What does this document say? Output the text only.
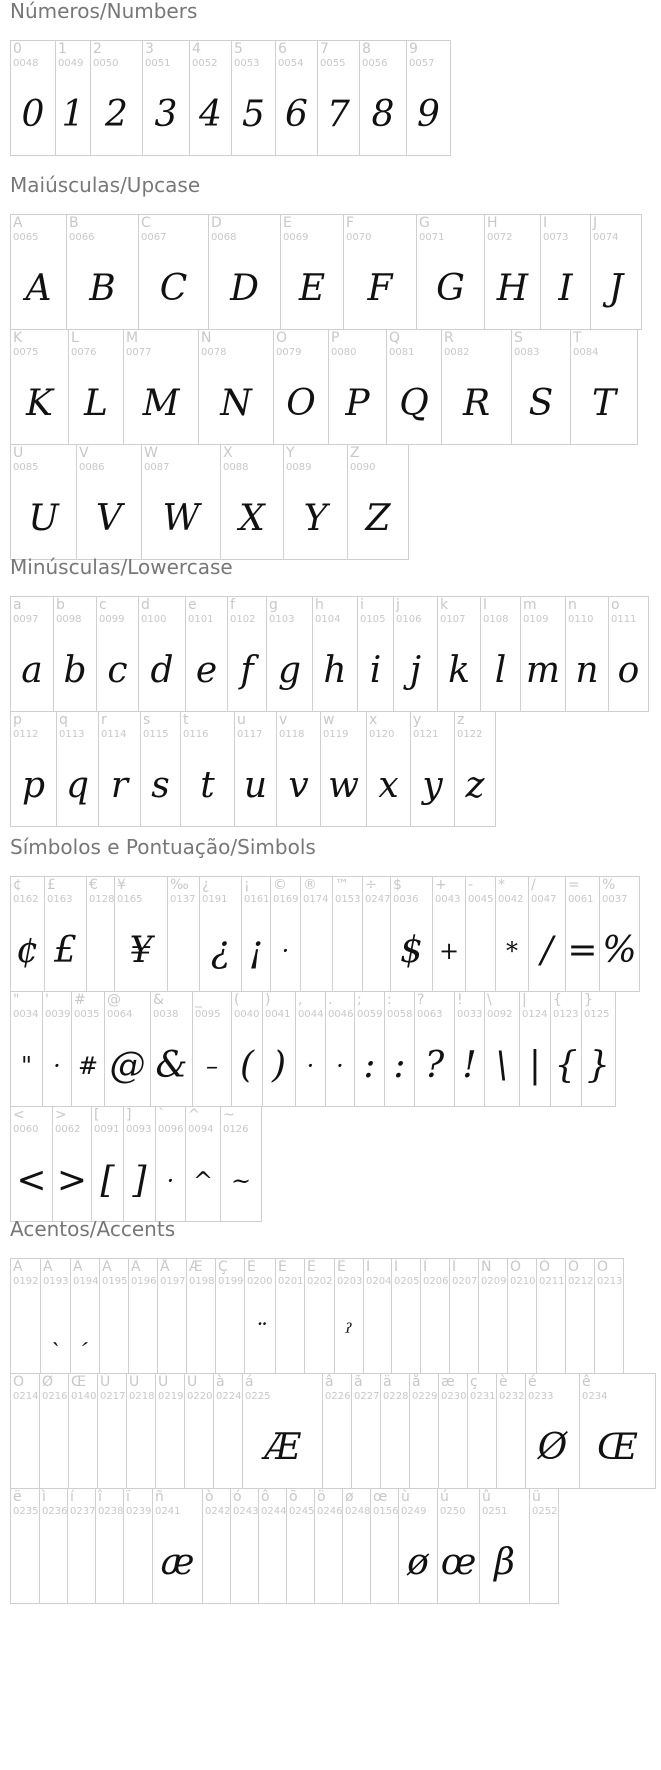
Números/Numbers
0
0048
0
1
0049
1
2
0050
2
3
0051
3
4
0052
4
5
0053
5
6
0054
6
7
0055
7
8
0056
8
9
0057
9
Maiúsculas/Upcase
A
0065
A
B
0066
B
C
0067
C
D
0068
D
E
0069
E
F
0070
F
G
0071
G
H
0072
H
I
0073
I
J
0074
J
K
0075
K
L
0076
L
M
0077
M
N
0078
N
O
0079
O
P
0080
P
Q
0081
Q
R
0082
R
S
0083
S
T
0084
T
U
0085
U
V
0086
V
W
0087
W
X
0088
X
Y
0089
Y
Z
0090
Z
Minúsculas/Lowercase
a
0097
a
b
0098
b
c
0099
c
d
0100
d
e
0101
e
f
0102
f
g
0103
g
h
0104
h
i
0105
i
j
0106
j
k
0107
k
l
0108
l
m
0109
m
n
0110
n
o
0111
o
p
0112
p
q
0113
q
r
0114
r
s
0115
s
t
0116
t
u
0117
u
v
0118
v
w
0119
w
x
0120
x
y
0121
y
z
0122
z
Símbolos e Pontuação/Simbols
¢
0162
¢
£
0163
£
€
0128
¥
0165
¥
‰
0137
¿
0191
¿
¡
0161
¡
©
0169
·
®
0174
™
0153
÷
0247
$
0036
$
+
0043
+
-
0045
*
0042
*
/
0047
/
=
0061
=
%
0037
%
"
0034
"
'
0039
·
#
0035
#
@
0064
@
&
0038
&
_
0095
–
(
0040
(
)
0041
)
,
0044
·
.
0046
·
;
0059
:
:
0058
:
?
0063
?
!
0033
!
\
0092
\
|
0124
|
{
0123
{
}
0125
}
<
0060
<
>
0062
>
[
0091
[
]
0093
]
`
0096
·
^
0094
^
~
0126
~
Acentos/Accents
À
0192
Á
0193
ˎ
Â
0194
ˏ
Ã
0195
Ä
0196
Å
0197
Æ
0198
Ç
0199
È
0200
¨
É
0201
Ê
0202
Ë
0203
ˀ
Ì
0204
Í
0205
Î
0206
Ï
0207
Ñ
0209
Ò
0210
Ó
0211
Ô
0212
Õ
0213
Ö
0214
Ø
0216
Œ
0140
Ù
0217
Ú
0218
Û
0219
Ü
0220
à
0224
á
0225
Æ
â
0226
ã
0227
ä
0228
å
0229
æ
0230
ç
0231
è
0232
é
0233
Ø
ê
0234
Œ
ë
0235
ì
0236
í
0237
î
0238
ï
0239
ñ
0241
æ
ò
0242
ó
0243
ô
0244
õ
0245
ö
0246
ø
0248
œ
0156
ù
0249
ø
ú
0250
œ
û
0251
β
ü
0252
